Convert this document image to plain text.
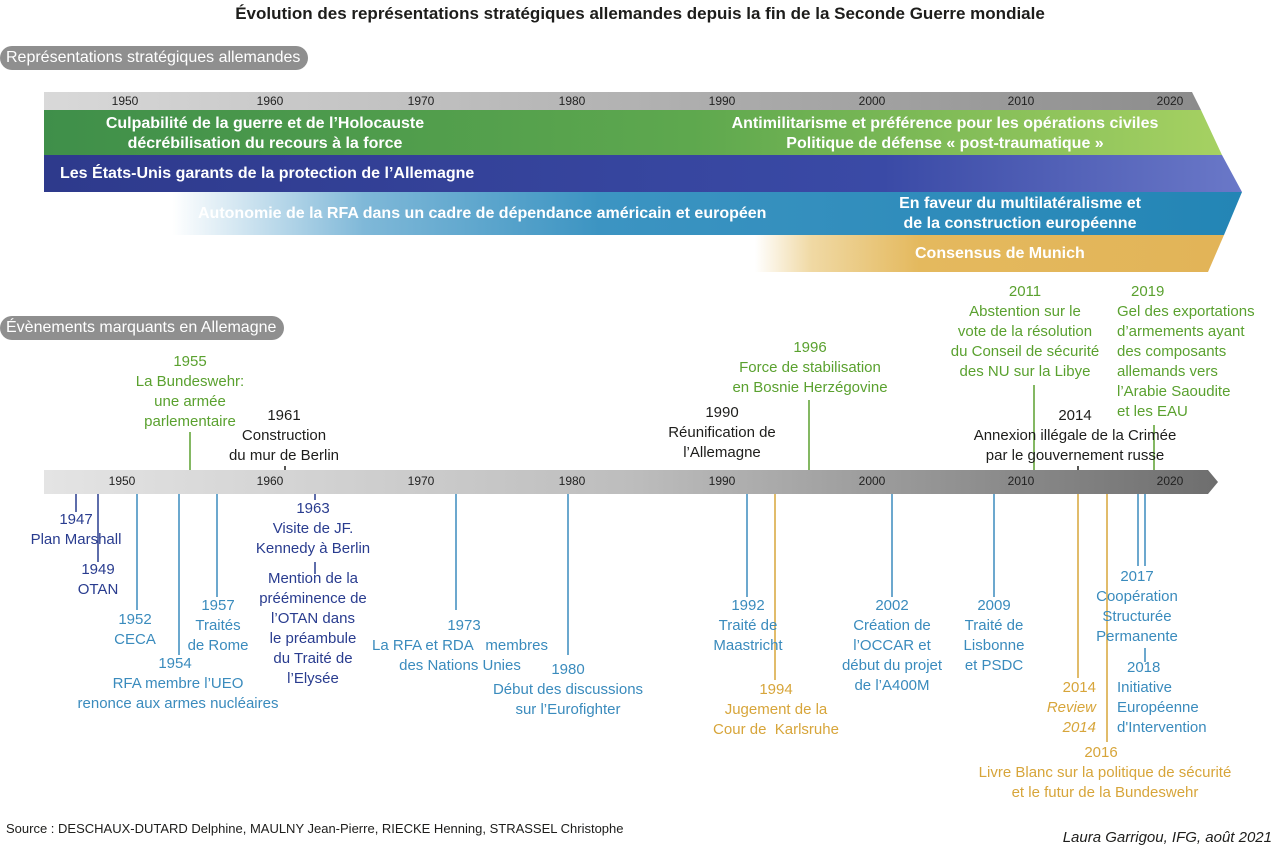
Évolution des représentations stratégiques allemandes depuis la fin de la Seconde Guerre mondiale
Représentations stratégiques allemandes
Évènements marquants en Allemagne
1950	1960	1970	1980	1990	2000	2010	2020
Culpabilité de la guerre et de l’Holocauste
décrébilisation du recours à la force
Antimilitarisme et préférence pour les opérations civiles
Politique de défense « post-traumatique »
Les États-Unis garants de la protection de l’Allemagne
Autonomie de la RFA dans un cadre de dépendance américain et européen
En faveur du multilatéralisme et
de la construction européenne
Consensus de Munich
1950	1960	1970	1980	1990	2000	2010	2020
1955
La Bundeswehr:
une armée
parlementaire	1961
Construction
du mur de Berlin
1990
Réunification de
l’Allemagne
1996
Force de stabilisation
en Bosnie Herzégovine
2011
Abstention sur le
vote de la résolution
du Conseil de sécurité
des NU sur la Libye
2014
Annexion illégale de la Crimée
par le gouvernement russe
2019
Gel des exportations
d’armements ayant
des composants
allemands vers
l’Arabie Saoudite
et les EAU
1947
Plan Marshall
1949
OTAN
1952
CECA
1954
RFA membre l’UEO
renonce aux armes nucléaires
1957
Traités
de Rome
1963
Visite de JF.
Kennedy à Berlin
Mention de la
prééminence de
l’OTAN dans
le préambule
du Traité de
l’Elysée
1973
La RFA et RDA   membres
des Nations Unies	1980
Début des discussions
sur l’Eurofighter
1992
Traité de
Maastricht
1994
Jugement de la
Cour de  Karlsruhe
2002
Création de
l’OCCAR et
début du projet
de l’A400M
2009
Traité de
Lisbonne
et PSDC
2014
Review
2014
2016
Livre Blanc sur la politique de sécurité
et le futur de la Bundeswehr
2017
Coopération
Structurée
Permanente
2018
Initiative
Européenne
d'Intervention
Source : DESCHAUX-DUTARD Delphine, MAULNY Jean-Pierre, RIECKE Henning, STRASSEL Christophe
Laura Garrigou, IFG, août 2021
